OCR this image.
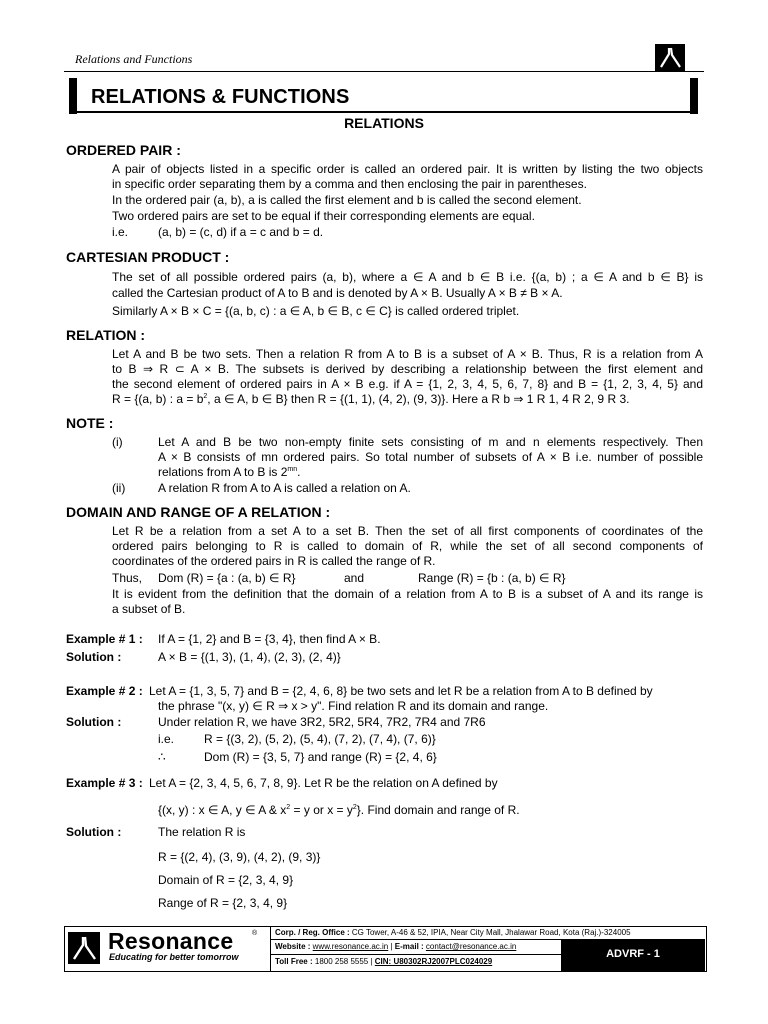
Relations and Functions
RELATIONS & FUNCTIONS
RELATIONS
ORDERED PAIR :
A pair of objects listed in a specific order is called an ordered pair. It is written by listing the two objects
in specific order separating them by a comma and then enclosing the pair in parentheses.
In the ordered pair (a, b), a is called the first element and b is called the second element.
Two ordered pairs are set to be equal if their corresponding elements are equal.
i.e. (a, b) = (c, d) if a = c and b = d.
CARTESIAN PRODUCT :
The set of all possible ordered pairs (a, b), where a ∈ A and b ∈ B i.e. {(a, b) ; a ∈ A and b ∈ B} is
called the Cartesian product of A to B and is denoted by A × B. Usually A × B ≠ B × A.
Similarly A × B × C = {(a, b, c) : a ∈ A, b ∈ B, c ∈ C} is called ordered triplet.
RELATION :
Let A and B be two sets. Then a relation R from A to B is a subset of A × B. Thus, R is a relation from A
to B ⇒ R ⊂ A × B. The subsets is derived by describing a relationship between the first element and
the second element of ordered pairs in A × B e.g. if A = {1, 2, 3, 4, 5, 6, 7, 8} and B = {1, 2, 3, 4, 5} and
R = {(a, b) : $a = b^2$, a ∈ A, b ∈ B} then R = {(1, 1), (4, 2), (9, 3)}. Here a R b ⇒ 1 R 1, 4 R 2, 9 R 3.
NOTE :
(i)	Let A and B be two non-empty finite sets consisting of m and n elements respectively. Then
A × B consists of mn ordered pairs. So total number of subsets of A × B i.e. number of possible
relations from A to B is $2^{mn}$.
(ii)	A relation R from A to A is called a relation on A.
DOMAIN AND RANGE OF A RELATION :
Let R be a relation from a set A to a set B. Then the set of all first components of coordinates of the
ordered pairs belonging to R is called to domain of R, while the set of all second components of
coordinates of the ordered pairs in R is called the range of R.
Thus, Dom (R) = {a : (a, b) ∈ R}	and	Range (R) = {b : (a, b) ∈ R}
It is evident from the definition that the domain of a relation from A to B is a subset of A and its range is
a subset of B.
Example # 1 : If A = {1, 2} and B = {3, 4}, then find A × B.
Solution :	A × B = {(1, 3), (1, 4), (2, 3), (2, 4)}
Example # 2 : Let A = {1, 3, 5, 7} and B = {2, 4, 6, 8} be two sets and let R be a relation from A to B defined by
the phrase "(x, y) ∈ R ⇒ x > y". Find relation R and its domain and range.
Solution :	Under relation R, we have 3R2, 5R2, 5R4, 7R2, 7R4 and 7R6
i.e. R = {(3, 2), (5, 2), (5, 4), (7, 2), (7, 4), (7, 6)}
∴	Dom (R) = {3, 5, 7} and range (R) = {2, 4, 6}
Example # 3 : Let A = {2, 3, 4, 5, 6, 7, 8, 9}. Let R be the relation on A defined by
{(x, y) : x ∈ A, y ∈ A & $x^2 = y$ or $x = y^2$}. Find domain and range of R.
Solution :	The relation R is
R = {(2, 4), (3, 9), (4, 2), (9, 3)}
Domain of R = {2, 3, 4, 9}
Range of R = {2, 3, 4, 9}
Resonance	®
Educating for better tomorrow
Corp. / Reg. Office : CG Tower, A-46 & 52, IPIA, Near City Mall, Jhalawar Road, Kota (Raj.)-324005
Website : www.resonance.ac.in | E-mail : contact@resonance.ac.in
Toll Free : 1800 258 5555 | CIN: U80302RJ2007PLC024029
ADVRF - 1
